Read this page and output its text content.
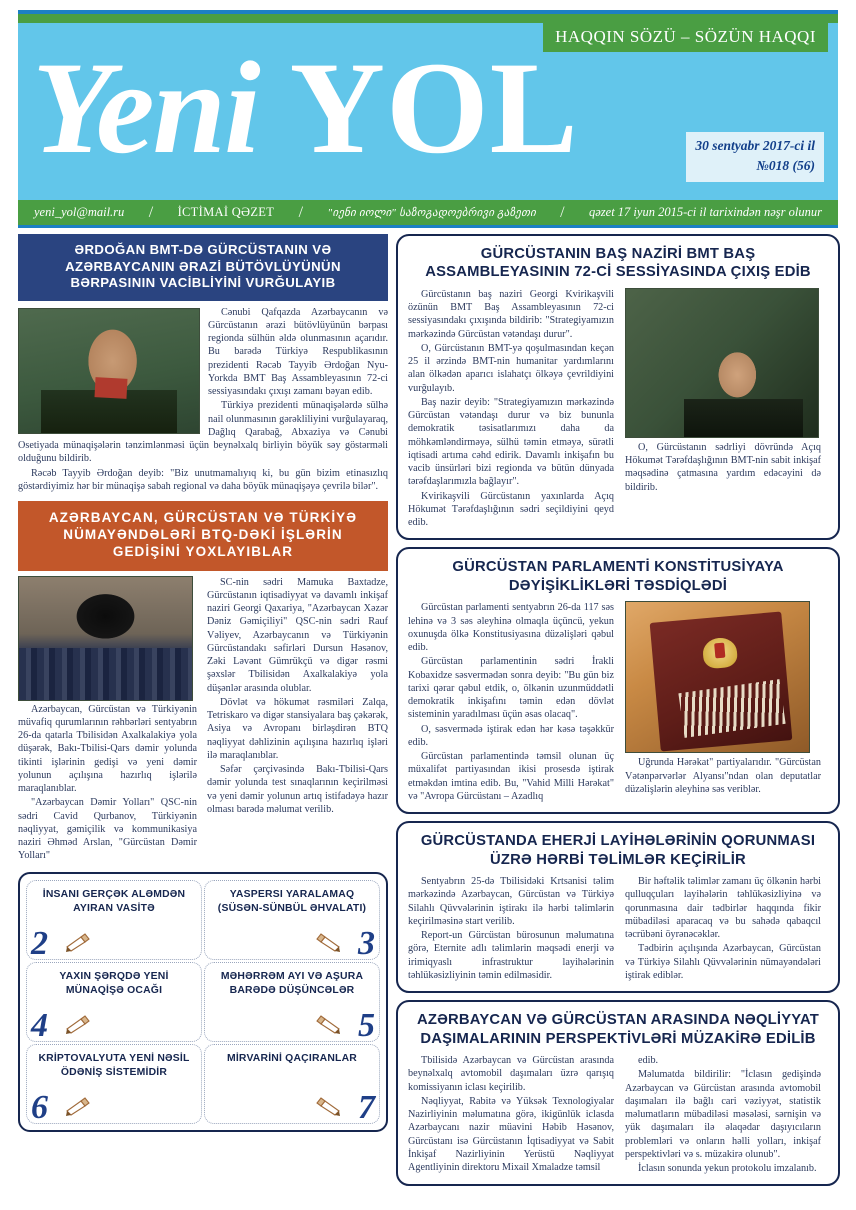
HAQQIN SÖZÜ – SÖZÜN HAQQI
Yeni YOL	30 sentyabr 2017-ci il
№018 (56)
yeni_yol@mail.ru	/	İCTİMAİ QƏZET	/	"იენი იოლი" საზოგადოებრივი გაზეთი	/	qəzet 17 iyun 2015-ci il tarixindən nəşr olunur
ƏRDOĞAN BMT-DƏ GÜRCÜSTANIN VƏ AZƏRBAYCANIN ƏRAZİ BÜTÖVLÜYÜNÜN BƏRPASININ VACİBLİYİNİ VURĞULAYIB

Cənubi Qafqazda Azərbaycanın və Gürcüstanın ərazi bütövlüyünün bərpası regionda sülhün əldə olunmasının açarıdır. Bu barədə Türkiyə Respublikasının prezidenti Rəcəb Tayyib Ərdoğan Nyu-Yorkda BMT Baş Assambleyasının 72-ci sessiyasındakı çıxışı zamanı bəyan edib.

Türkiyə prezidenti münaqişələrdə sülhə nail olunmasının gərəkliliyini vurğulayaraq, Dağlıq Qarabağ, Abxaziya və Cənubi Osetiyada münaqişələrin tənzimlənməsi üçün beynəlxalq birliyin böyük səy göstərməli olduğunu bildirib.

Rəcəb Tayyib Ərdoğan deyib: "Biz unutmamalıyıq ki, bu gün bizim etinasızlıq göstərdiyimiz hər bir münaqişə sabah regional və daha böyük münaqişəyə çevrilə bilər".

AZƏRBAYCAN, GÜRCÜSTAN VƏ TÜRKİYƏ NÜMAYƏNDƏLƏRİ BTQ-DƏKİ İŞLƏRİN GEDİŞİNİ YOXLAYIBLAR

Azərbaycan, Gürcüstan və Türkiyənin müvafiq qurumlarının rəhbərləri sentyabrın 26-da qatarla Tbilisidən Axalkalakiyə yola düşərək, Bakı-Tbilisi-Qars dəmir yolunda tikinti işlərinin gedişi və yeni dəmir yolunun açılışına hazırlıq işlərilə maraqlanıblar.

"Azərbaycan Dəmir Yolları" QSC-nin sədri Cavid Qurbanov, Türkiyənin nəqliyyat, gəmiçilik və kommunikasiya naziri Əhməd Arslan, "Gürcüstan Dəmir Yolları"

SC-nin sədri Mamuka Baxtadze, Gürcüstanın iqtisadiyyat və davamlı inkişaf naziri Georgi Qaxariya, "Azərbaycan Xəzər Dəniz Gəmiçiliyi" QSC-nin sədri Rauf Vəliyev, Azərbaycanın və Türkiyənin Gürcüstandakı səfirləri Dursun Həsənov, Zəki Ləvənt Gümrükçü və digər rəsmi şəxslər Tbilisidən Axalkalakiyə yola düşənlər arasında olublar.

Dövlət və hökumət rəsmiləri Zalqa, Tetriskaro və digər stansiyalara baş çəkərək, Asiya və Avropanı birləşdirən BTQ nəqliyyat dəhlizinin açılışına hazırlıq işləri ilə maraqlanıblar.

Səfər çərçivəsində Bakı-Tbilisi-Qars dəmir yolunda test sınaqlarının keçirilməsi və yeni dəmir yolunun artıq istifadəyə hazır olması barədə məlumat verilib.

İNSANI GERÇƏK ALƏMDƏN AYIRAN VASİTƏ
2
YASPERSI YARALAMAQ (SÜSƏN-SÜNBÜL ƏHVALATI)
3
YAXIN ŞƏRQDƏ YENİ MÜNAQİŞƏ OCAĞI
4
MƏHƏRRƏM AYI VƏ AŞURA BARƏDƏ DÜŞÜNCƏLƏR
5
KRİPTOVALYUTA YENİ NƏSİL ÖDƏNİŞ SİSTEMİDİR
6
MİRVARİNİ QAÇIRANLAR
7
GÜRCÜSTANIN BAŞ NAZİRİ BMT BAŞ ASSAMBLEYASININ 72-Cİ SESSİYASINDA ÇIXIŞ EDİB

Gürcüstanın baş naziri Georgi Kvirikaşvili özünün BMT Baş Assambleyasının 72-ci sessiyasındakı çıxışında bildirib: "Strategiyamızın mərkəzində Gürcüstan vətəndaşı durur".

O, Gürcüstanın BMT-yə qoşulmasından keçən 25 il ərzində BMT-nin humanitar yardımlarını alan ölkədən aparıcı islahatçı ölkəyə çevrildiyini vurğulayıb.

Baş nazir deyib: "Strategiyamızın mərkəzində Gürcüstan vətəndaşı durur və biz bununla demokratik təsisatlarımızı daha da möhkəmləndirməyə, sülhü təmin etməyə, sürətli iqtisadi artıma cəhd edirik. Davamlı inkişafın bu vacib ünsürləri bizi regionda və bütün dünyada tərəfdaşlarımızla bağlayır".

Kvirikaşvili Gürcüstanın yaxınlarda Açıq Hökumət Tərəfdaşlığının sədri seçildiyini qeyd edib.

O, Gürcüstanın sədrliyi dövründə Açıq Hökumət Tərəfdaşlığının BMT-nin sabit inkişaf məqsədinə çatmasına yardım edəcəyini də bildirib.

GÜRCÜSTAN PARLAMENTİ KONSTİTUSİYAYA DƏYİŞİKLİKLƏRİ TƏSDİQLƏDİ

Gürcüstan parlamenti sentyabrın 26-da 117 səs lehinə və 3 səs əleyhinə olmaqla üçüncü, yekun oxunuşda ölkə Konstitusiyasına düzəlişləri qəbul edib.

Gürcüstan parlamentinin sədri İrakli Kobaxidze səsvermədən sonra deyib: "Bu gün biz tarixi qərar qəbul etdik, o, ölkənin uzunmüddətli demokratik inkişafını təmin edən dövlət sisteminin yaradılması üçün əsas olacaq".

O, səsvermədə iştirak edən hər kəsə təşəkkür edib.

Gürcüstan parlamentində təmsil olunan üç müxalifət partiyasından ikisi prosesdə iştirak etməkdən imtina edib. Bu, "Vahid Milli Hərəkat" və "Avropa Gürcüstanı – Azadlıq

Uğrunda Hərəkat" partiyalarıdır. "Gürcüstan Vətənpərvərlər Alyansı"ndan olan deputatlar düzəlişlərin əleyhinə səs veriblər.

GÜRCÜSTANDA EHERJİ LAYİHƏLƏRİNİN QORUNMASI ÜZRƏ HƏRBİ TƏLİMLƏR KEÇİRİLİR

Sentyabrın 25-də Tbilisidəki Krtsanisi təlim mərkəzində Azərbaycan, Gürcüstan və Türkiyə Silahlı Qüvvələrinin iştirakı ilə hərbi təlimlərin keçirilməsinə start verilib.

Report-un Gürcüstan bürosunun məlumatına görə, Eternite adlı təlimlərin məqsədi enerji və irimiqyaslı infrastruktur layihələrinin təhlükəsizliyinin təmin edilməsidir.

Bir həftəlik təlimlər zamanı üç ölkənin hərbi qulluqçuları layihələrin təhlükəsizliyinə və qorunmasına dair tədbirlər haqqında fikir mübadiləsi aparacaq və bu sahədə qabaqcıl təcrübəni öyrənəcəklər.

Tədbirin açılışında Azərbaycan, Gürcüstan və Türkiyə Silahlı Qüvvələrinin nümayəndələri iştirak ediblər.

AZƏRBAYCAN VƏ GÜRCÜSTAN ARASINDA NƏQLİYYAT DAŞIMALARININ PERSPEKTİVLƏRİ MÜZAKİRƏ EDİLİB

Tbilisidə Azərbaycan və Gürcüstan arasında beynəlxalq avtomobil daşımaları üzrə qarışıq komissiyanın iclası keçirilib.

Nəqliyyat, Rabitə və Yüksək Texnologiyalar Nazirliyinin məlumatına görə, ikigünlük iclasda Azərbaycanı nazir müavini Həbib Həsənov, Gürcüstanı isə Gürcüstanın İqtisadiyyat və Sabit İnkişaf Nazirliyinin Yerüstü Nəqliyyat Agentliyinin direktoru Mixail Xmaladze təmsil

edib.

Məlumatda bildirilir: "İclasın gedişində Azərbaycan və Gürcüstan arasında avtomobil daşımaları ilə bağlı cari vəziyyət, statistik məlumatların mübadiləsi məsələsi, sərnişin və yük daşımaları ilə əlaqədar daşıyıcıların problemləri və onların həlli yolları, inkişaf perspektivləri və s. müzakirə olunub".

İclasın sonunda yekun protokolu imzalanıb.
